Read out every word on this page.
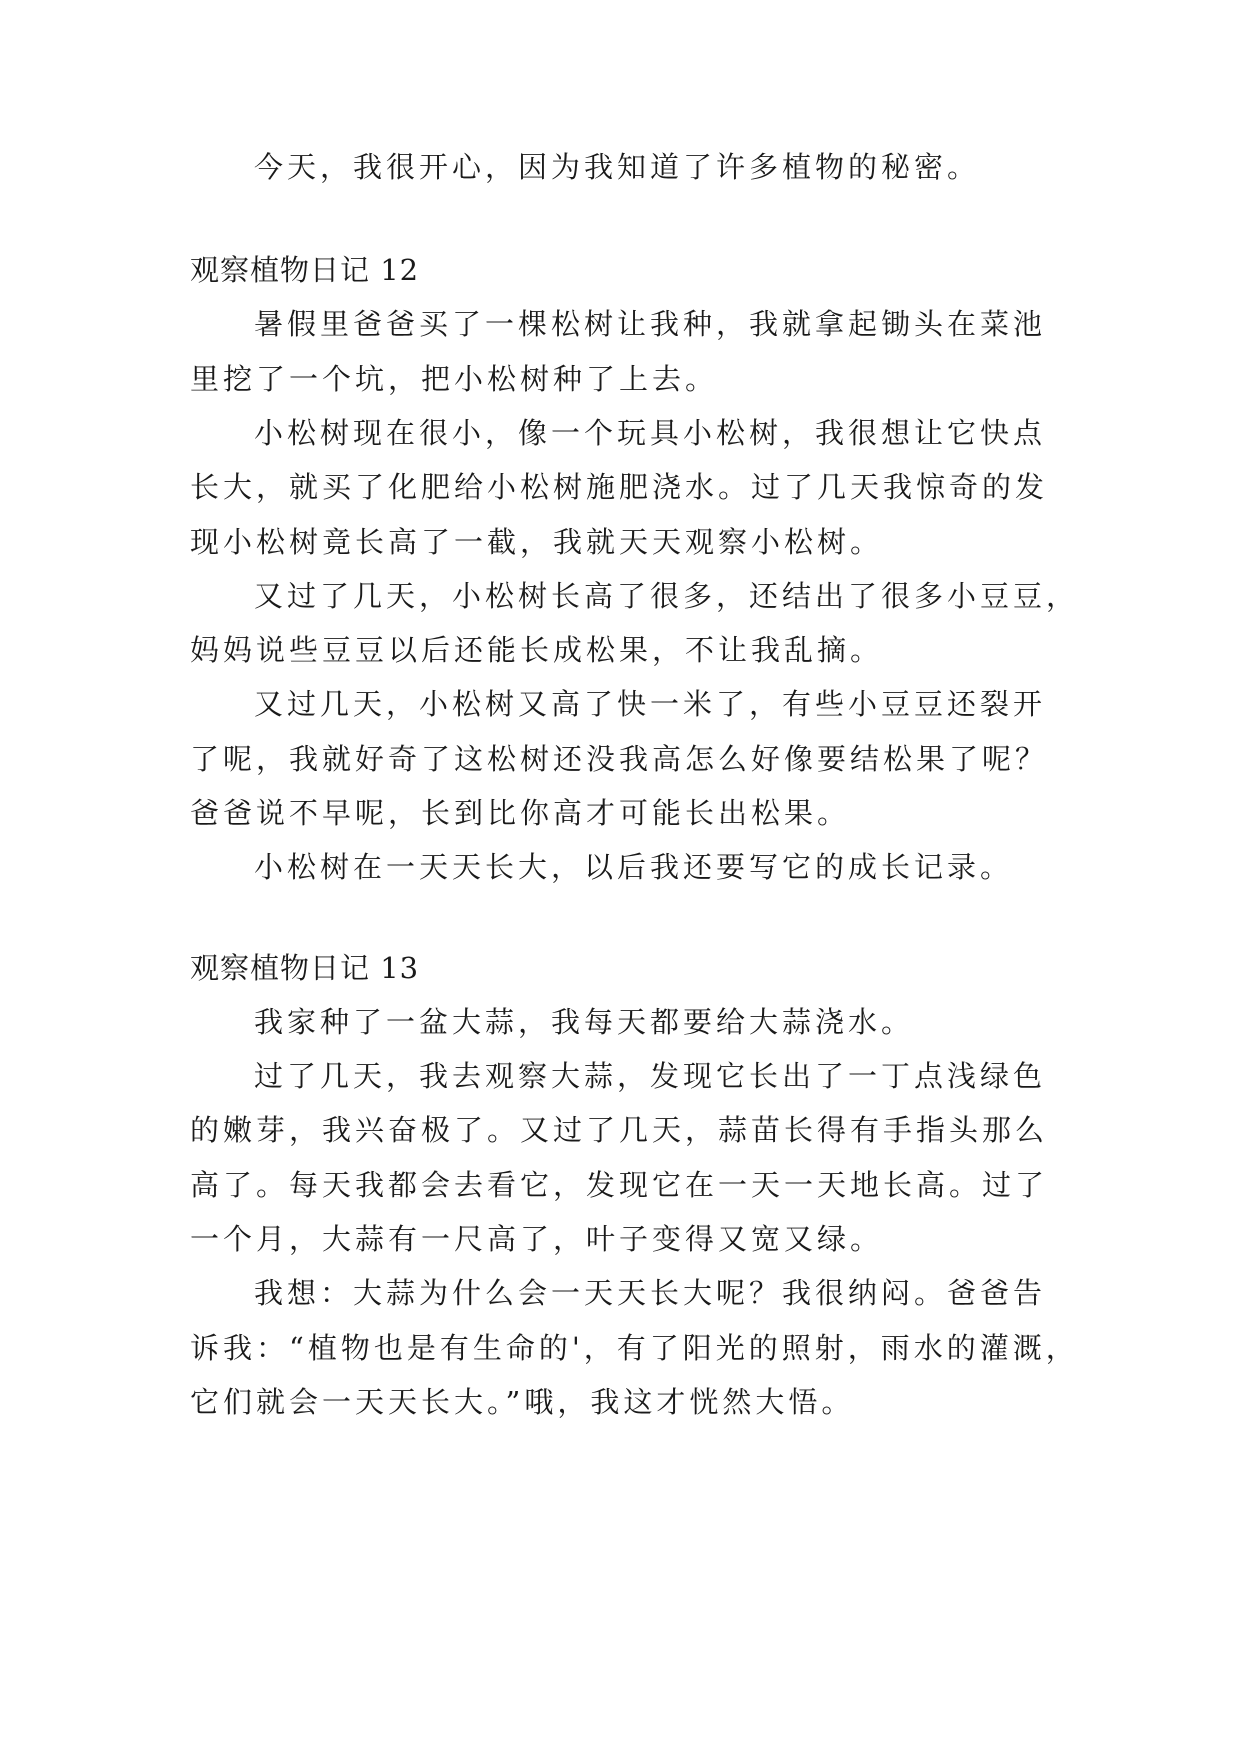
今天，我很开心，因为我知道了许多植物的秘密。
观察植物日记 12
暑假里爸爸买了一棵松树让我种，我就拿起锄头在菜池
里挖了一个坑，把小松树种了上去。
小松树现在很小，像一个玩具小松树，我很想让它快点
长大，就买了化肥给小松树施肥浇水。过了几天我惊奇的发
现小松树竟长高了一截，我就天天观察小松树。
又过了几天，小松树长高了很多，还结出了很多小豆豆，
妈妈说些豆豆以后还能长成松果，不让我乱摘。
又过几天，小松树又高了快一米了，有些小豆豆还裂开
了呢，我就好奇了这松树还没我高怎么好像要结松果了呢？
爸爸说不早呢，长到比你高才可能长出松果。
小松树在一天天长大，以后我还要写它的成长记录。
观察植物日记 13
我家种了一盆大蒜，我每天都要给大蒜浇水。
过了几天，我去观察大蒜，发现它长出了一丁点浅绿色
的嫩芽，我兴奋极了。又过了几天，蒜苗长得有手指头那么
高了。每天我都会去看它，发现它在一天一天地长高。过了
一个月，大蒜有一尺高了，叶子变得又宽又绿。
我想：大蒜为什么会一天天长大呢？我很纳闷。爸爸告
诉我：“植物也是有生命的'，有了阳光的照射，雨水的灌溉，
它们就会一天天长大。”哦，我这才恍然大悟。
